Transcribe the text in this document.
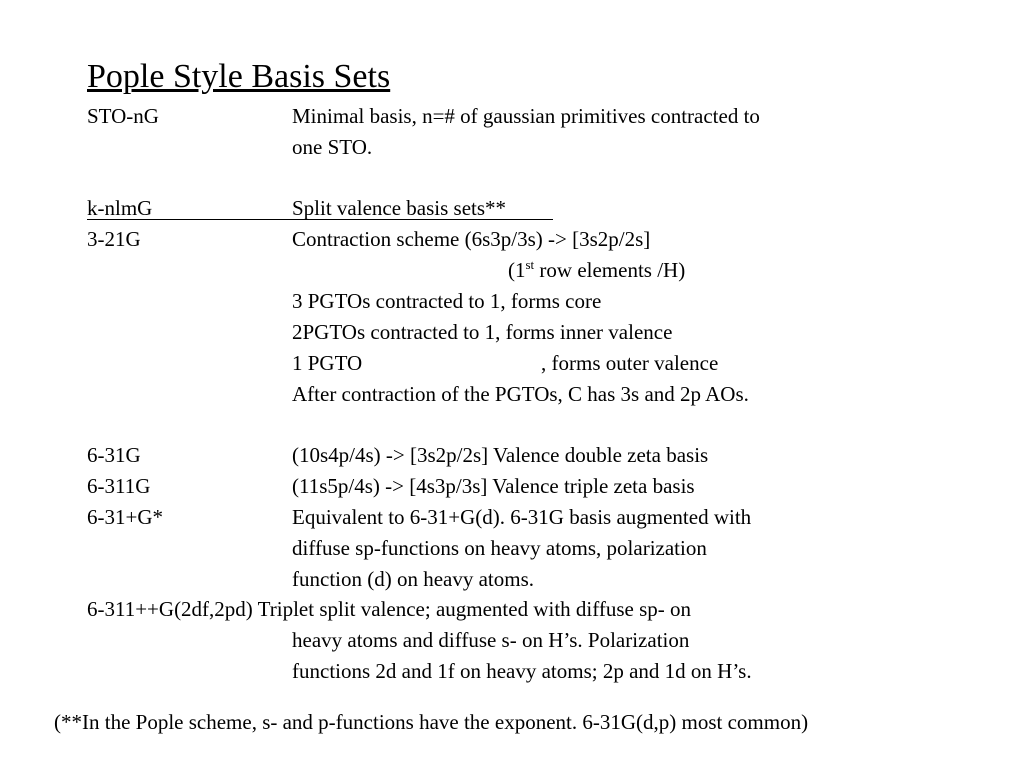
Pople Style Basis Sets
STO-nG	Minimal basis, n=# of gaussian primitives contracted to
one STO.
k-nlmG	Split valence basis sets**
3-21G	Contraction scheme (6s3p/3s) -> [3s2p/2s]
(1st row elements /H)
3 PGTOs contracted to 1, forms core
2PGTOs contracted to 1, forms inner valence
1 PGTO	, forms outer valence
After contraction of the PGTOs, C has 3s and 2p AOs.
6-31G	(10s4p/4s) -> [3s2p/2s] Valence double zeta basis
6-311G	(11s5p/4s) -> [4s3p/3s] Valence triple zeta basis
6-31+G*	Equivalent to 6-31+G(d). 6-31G basis augmented with
diffuse sp-functions on heavy atoms, polarization
function (d) on heavy atoms.
6-311++G(2df,2pd) Triplet split valence; augmented with diffuse sp- on
heavy atoms and diffuse s- on H’s. Polarization
functions 2d and 1f on heavy atoms; 2p and 1d on H’s.
(**In the Pople scheme, s- and p-functions have the exponent. 6-31G(d,p) most common)
